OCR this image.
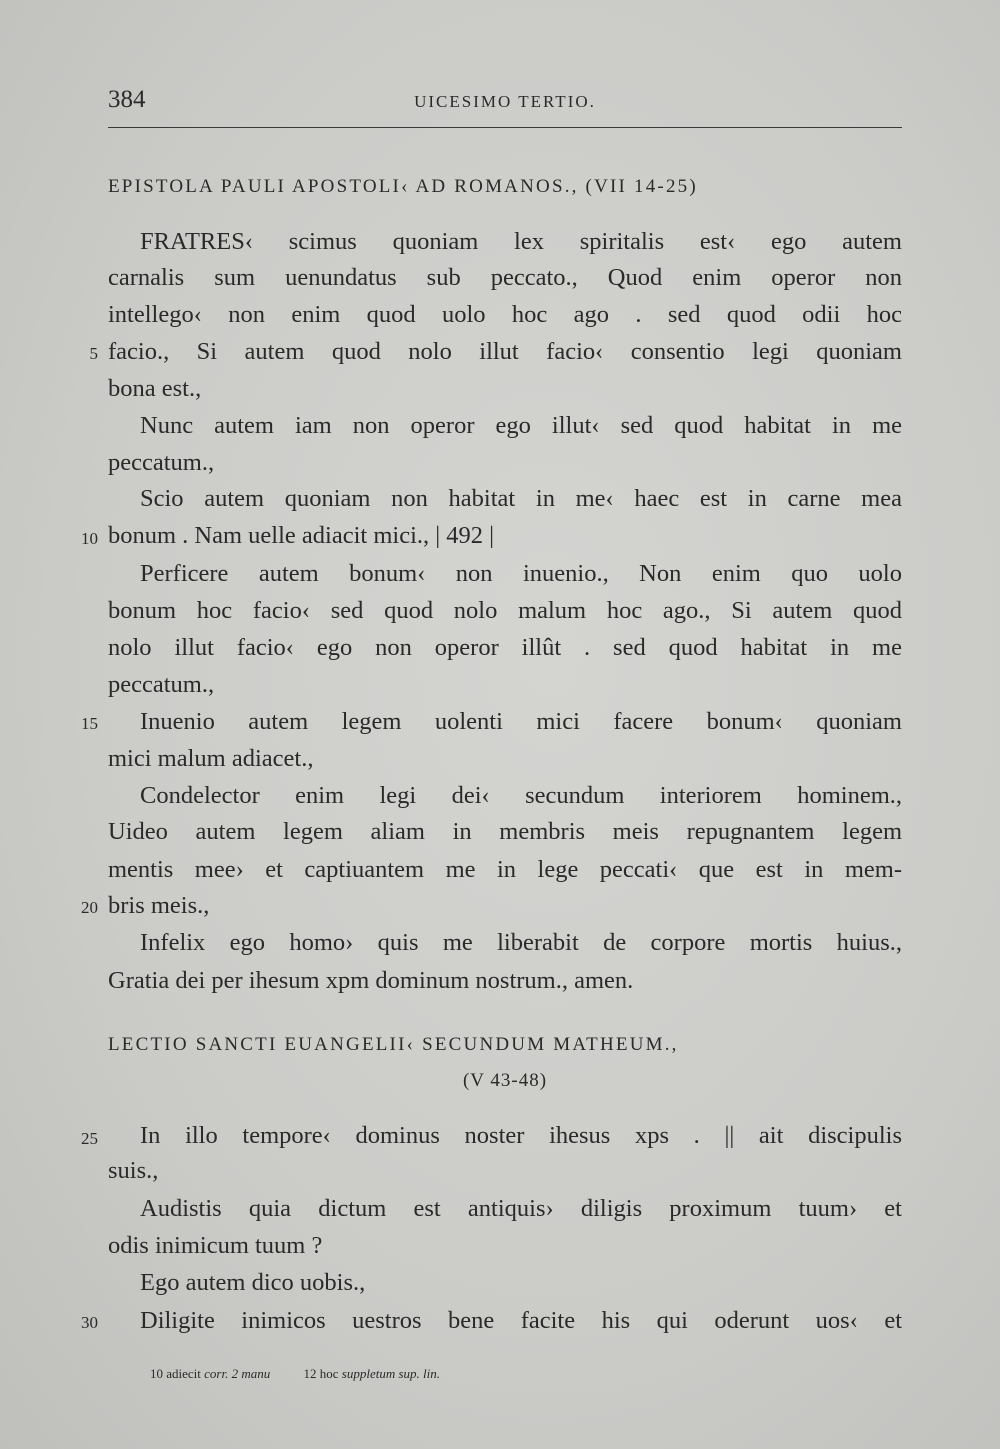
384	UICESIMO TERTIO.
EPISTOLA PAULI APOSTOLI‹ AD ROMANOS., (VII 14-25)
FRATRES‹ scimus quoniam lex spiritalis est‹ ego autem
carnalis sum uenundatus sub peccato., Quod enim operor non
intellego‹ non enim quod uolo hoc ago . sed quod odii hoc
5 facio., Si autem quod nolo illut facio‹ consentio legi quoniam
bona est.,
Nunc autem iam non operor ego illut‹ sed quod habitat in me
peccatum.,
Scio autem quoniam non habitat in me‹ haec est in carne mea
10 bonum . Nam uelle adiacit mici., | 492 |
Perficere autem bonum‹ non inuenio., Non enim quo uolo
bonum hoc facio‹ sed quod nolo malum hoc ago., Si autem quod
nolo illut facio‹ ego non operor illût . sed quod habitat in me
peccatum.,
15 Inuenio autem legem uolenti mici facere bonum‹ quoniam
mici malum adiacet.,
Condelector enim legi dei‹ secundum interiorem hominem.,
Uideo autem legem aliam in membris meis repugnantem legem
mentis mee› et captiuantem me in lege peccati‹ que est in mem-
20 bris meis.,
Infelix ego homo› quis me liberabit de corpore mortis huius.,
Gratia dei per ihesum xpm dominum nostrum., amen.
LECTIO SANCTI EUANGELII‹ SECUNDUM MATHEUM.,
(V 43-48)
25 In illo tempore‹ dominus noster ihesus xps . || ait discipulis
suis.,
Audistis quia dictum est antiquis› diligis proximum tuum› et
odis inimicum tuum ?
Ego autem dico uobis.,
30 Diligite inimicos uestros bene facite his qui oderunt uos‹ et
10 adiecit corr. 2 manu	12 hoc suppletum sup. lin.
